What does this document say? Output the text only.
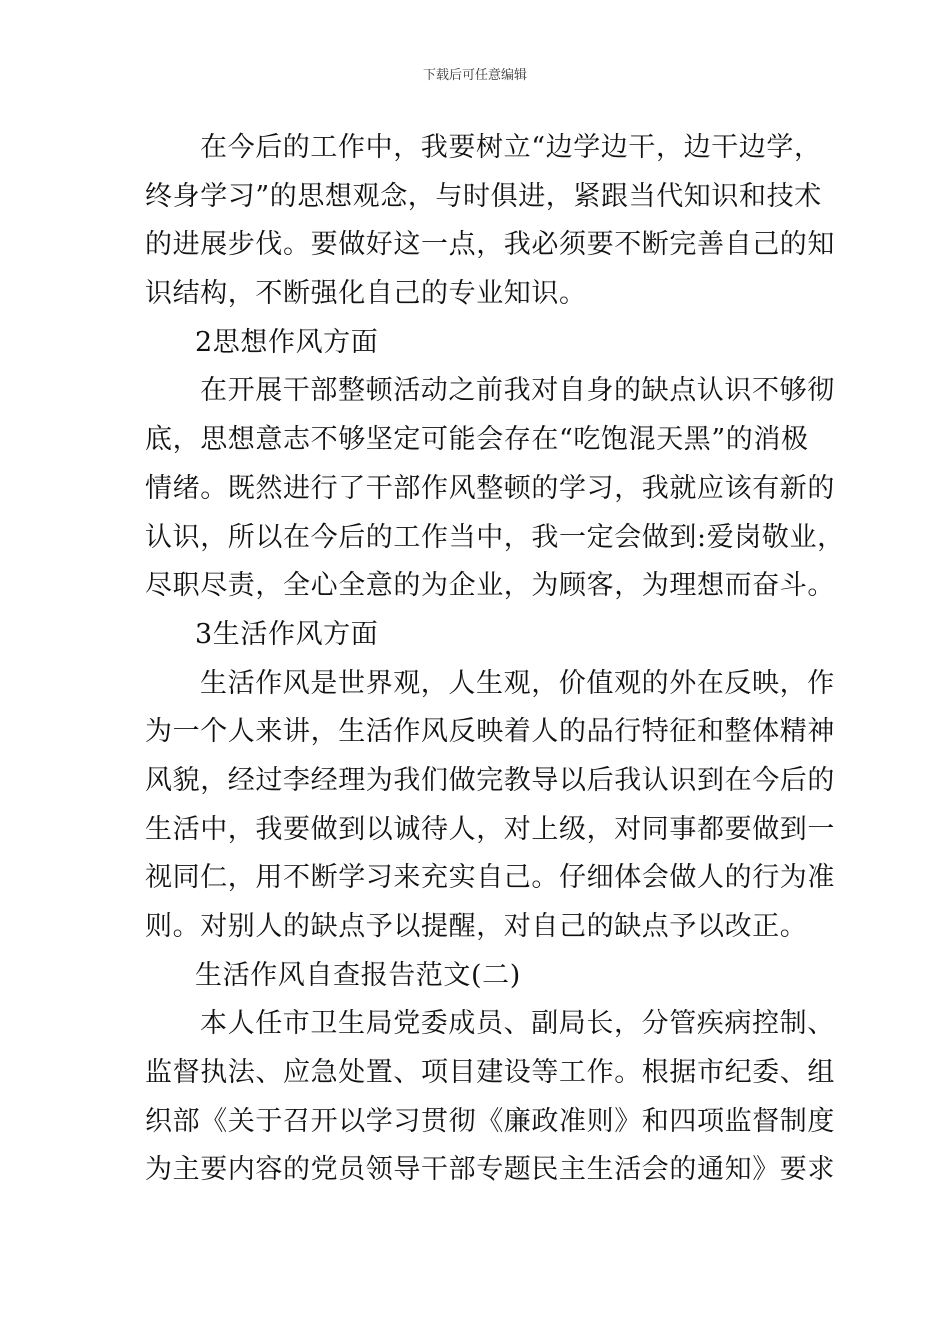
下载后可任意编辑
在今后的工作中，我要树立“边学边干，边干边学，
终身学习”的思想观念，与时俱进，紧跟当代知识和技术
的进展步伐。要做好这一点，我必须要不断完善自己的知
识结构，不断强化自己的专业知识。
2思想作风方面
在开展干部整顿活动之前我对自身的缺点认识不够彻
底，思想意志不够坚定可能会存在“吃饱混天黑”的消极
情绪。既然进行了干部作风整顿的学习，我就应该有新的
认识，所以在今后的工作当中，我一定会做到:爱岗敬业，
尽职尽责，全心全意的为企业，为顾客，为理想而奋斗。
3生活作风方面
生活作风是世界观，人生观，价值观的外在反映，作
为一个人来讲，生活作风反映着人的品行特征和整体精神
风貌，经过李经理为我们做完教导以后我认识到在今后的
生活中，我要做到以诚待人，对上级，对同事都要做到一
视同仁，用不断学习来充实自己。仔细体会做人的行为准
则。对别人的缺点予以提醒，对自己的缺点予以改正。
生活作风自查报告范文(二)
本人任市卫生局党委成员、副局长，分管疾病控制、
监督执法、应急处置、项目建设等工作。根据市纪委、组
织部《关于召开以学习贯彻《廉政准则》和四项监督制度
为主要内容的党员领导干部专题民主生活会的通知》要求
